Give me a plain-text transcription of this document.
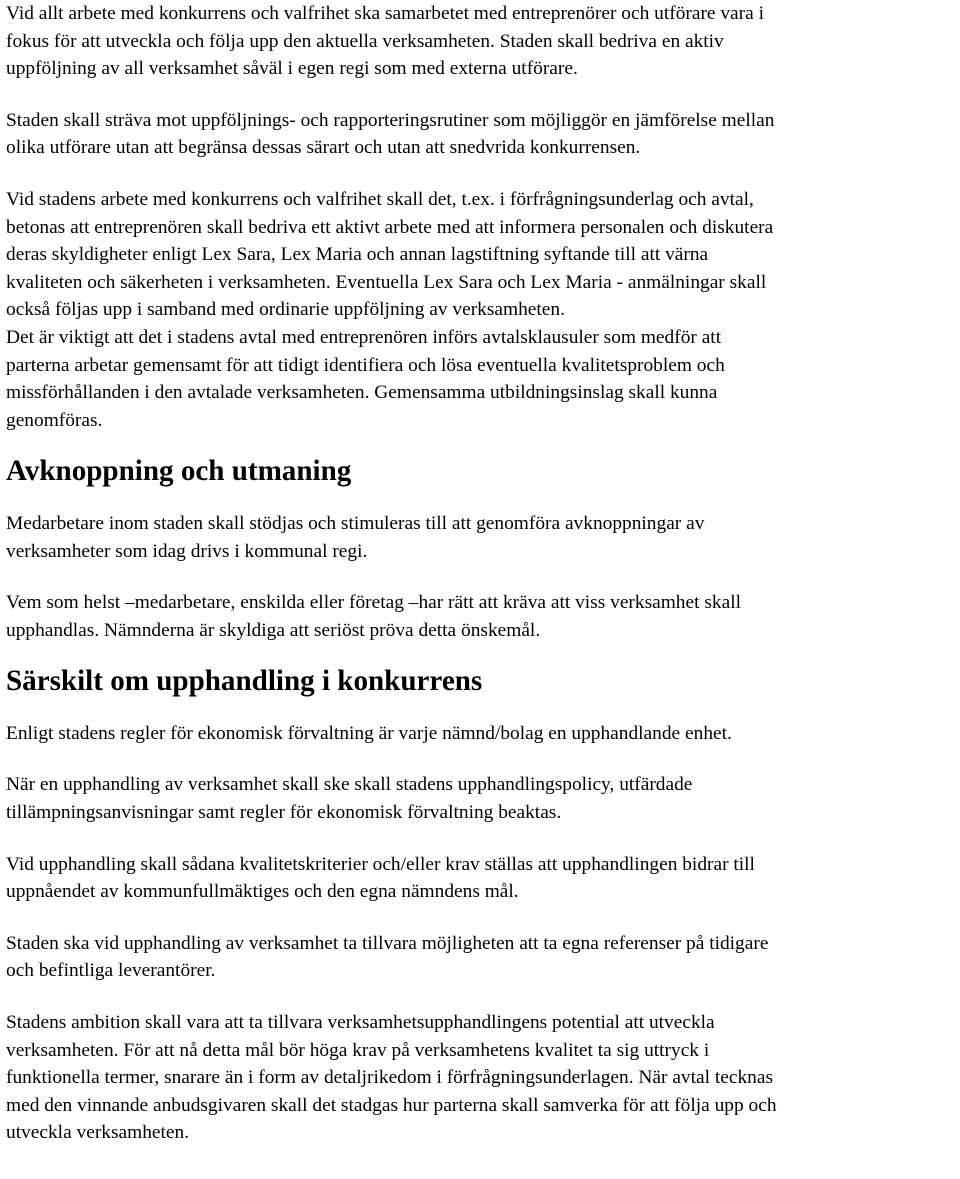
Vid allt arbete med konkurrens och valfrihet ska samarbetet med entreprenörer och utförare vara i
fokus för att utveckla och följa upp den aktuella verksamheten. Staden skall bedriva en aktiv
uppföljning av all verksamhet såväl i egen regi som med externa utförare.

Staden skall sträva mot uppföljnings- och rapporteringsrutiner som möjliggör en jämförelse mellan
olika utförare utan att begränsa dessas särart och utan att snedvrida konkurrensen.

Vid stadens arbete med konkurrens och valfrihet skall det, t.ex. i förfrågningsunderlag och avtal,
betonas att entreprenören skall bedriva ett aktivt arbete med att informera personalen och diskutera
deras skyldigheter enligt Lex Sara, Lex Maria och annan lagstiftning syftande till att värna
kvaliteten och säkerheten i verksamheten. Eventuella Lex Sara och Lex Maria - anmälningar skall
också följas upp i samband med ordinarie uppföljning av verksamheten.

Det är viktigt att det i stadens avtal med entreprenören införs avtalsklausuler som medför att
parterna arbetar gemensamt för att tidigt identifiera och lösa eventuella kvalitetsproblem och
missförhållanden i den avtalade verksamheten. Gemensamma utbildningsinslag skall kunna
genomföras.

Avknoppning och utmaning

Medarbetare inom staden skall stödjas och stimuleras till att genomföra avknoppningar av
verksamheter som idag drivs i kommunal regi.

Vem som helst –medarbetare, enskilda eller företag –har rätt att kräva att viss verksamhet skall
upphandlas. Nämnderna är skyldiga att seriöst pröva detta önskemål.

Särskilt om upphandling i konkurrens

Enligt stadens regler för ekonomisk förvaltning är varje nämnd/bolag en upphandlande enhet.

När en upphandling av verksamhet skall ske skall stadens upphandlingspolicy, utfärdade
tillämpningsanvisningar samt regler för ekonomisk förvaltning beaktas.

Vid upphandling skall sådana kvalitetskriterier och/eller krav ställas att upphandlingen bidrar till
uppnåendet av kommunfullmäktiges och den egna nämndens mål.

Staden ska vid upphandling av verksamhet ta tillvara möjligheten att ta egna referenser på tidigare
och befintliga leverantörer.

Stadens ambition skall vara att ta tillvara verksamhetsupphandlingens potential att utveckla
verksamheten. För att nå detta mål bör höga krav på verksamhetens kvalitet ta sig uttryck i
funktionella termer, snarare än i form av detaljrikedom i förfrågningsunderlagen. När avtal tecknas
med den vinnande anbudsgivaren skall det stadgas hur parterna skall samverka för att följa upp och
utveckla verksamheten.
